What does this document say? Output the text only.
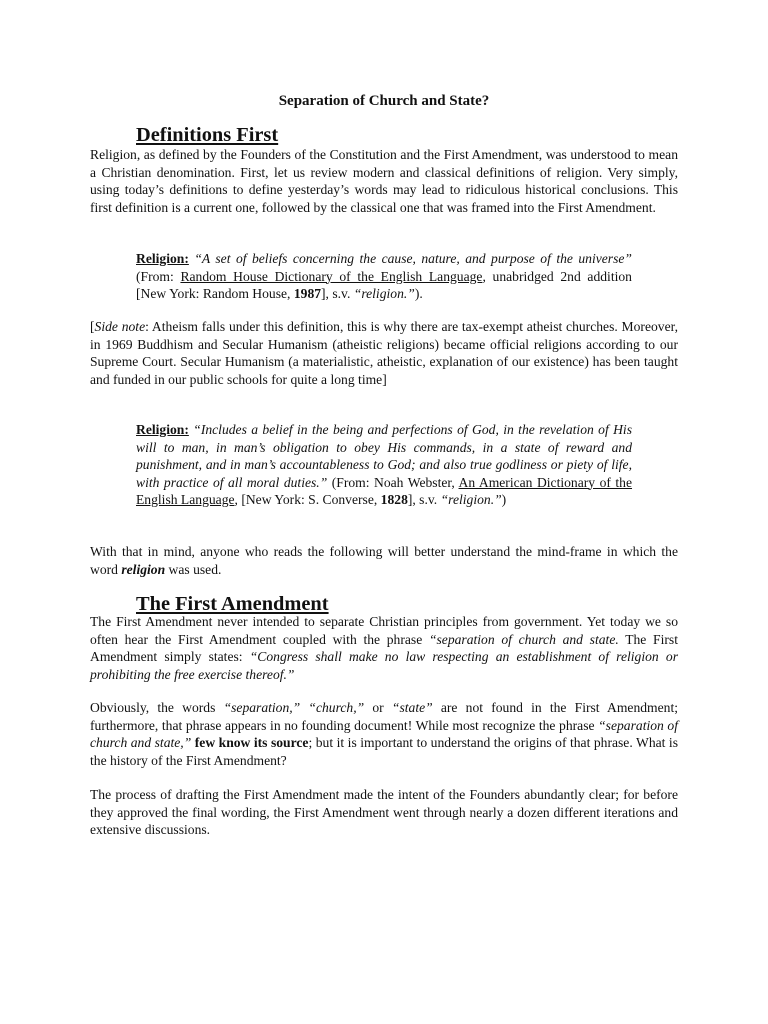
Separation of Church and State?
Definitions First

Religion, as defined by the Founders of the Constitution and the First Amendment, was understood to mean a Christian denomination. First, let us review modern and classical definitions of religion. Very simply, using today’s definitions to define yesterday’s words may lead to ridiculous historical conclusions. This first definition is a current one, followed by the classical one that was framed into the First Amendment.

Religion: “A set of beliefs concerning the cause, nature, and purpose of the universe” (From: Random House Dictionary of the English Language, unabridged 2nd addition [New York: Random House, 1987], s.v. “religion.”).

[Side note: Atheism falls under this definition, this is why there are tax-exempt atheist churches. Moreover, in 1969 Buddhism and Secular Humanism (atheistic religions) became official religions according to our Supreme Court. Secular Humanism (a materialistic, atheistic, explanation of our existence) has been taught and funded in our public schools for quite a long time]

Religion: “Includes a belief in the being and perfections of God, in the revelation of His will to man, in man’s obligation to obey His commands, in a state of reward and punishment, and in man’s accountableness to God; and also true godliness or piety of life, with practice of all moral duties.” (From: Noah Webster, An American Dictionary of the English Language, [New York: S. Converse, 1828], s.v. “religion.”)

With that in mind, anyone who reads the following will better understand the mind-frame in which the word religion was used.

The First Amendment

The First Amendment never intended to separate Christian principles from government. Yet today we so often hear the First Amendment coupled with the phrase “separation of church and state. The First Amendment simply states: “Congress shall make no law respecting an establishment of religion or prohibiting the free exercise thereof.”

Obviously, the words “separation,” “church,” or “state” are not found in the First Amendment; furthermore, that phrase appears in no founding document! While most recognize the phrase “separation of church and state,” few know its source; but it is important to understand the origins of that phrase. What is the history of the First Amendment?

The process of drafting the First Amendment made the intent of the Founders abundantly clear; for before they approved the final wording, the First Amendment went through nearly a dozen different iterations and extensive discussions.
